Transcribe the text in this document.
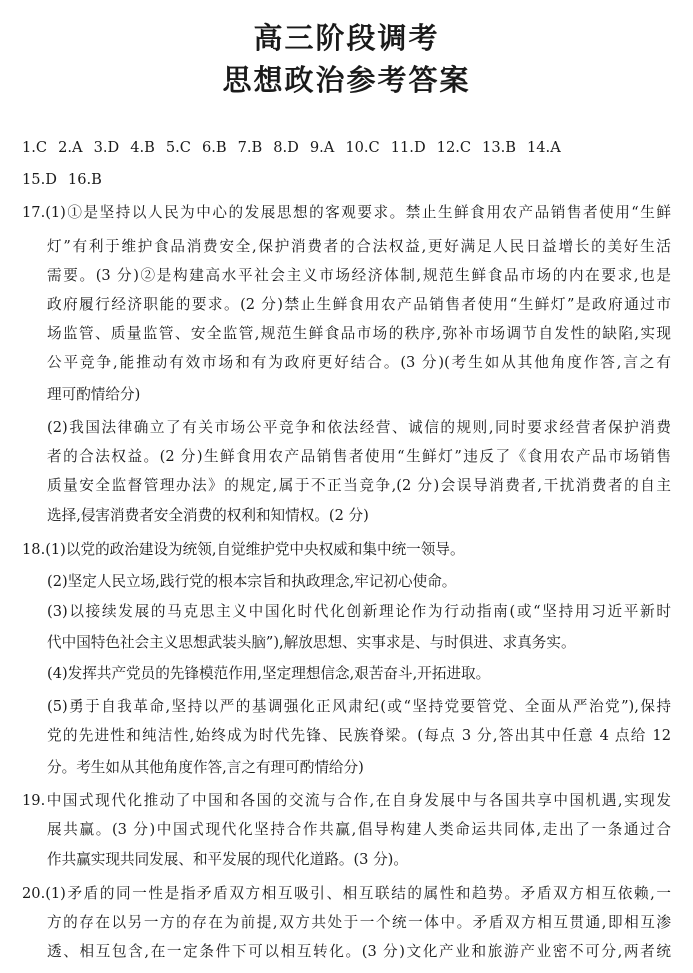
高三阶段调考
思想政治参考答案
1.C 2.A 3.D 4.B 5.C 6.B 7.B 8.D 9.A 10.C 11.D 12.C 13.B 14.A
15.D 16.B
17.(1)①是坚持以人民为中心的发展思想的客观要求。禁止生鲜食用农产品销售者使用“生鲜
灯”有利于维护食品消费安全,保护消费者的合法权益,更好满足人民日益增长的美好生活
需要。(3 分)②是构建高水平社会主义市场经济体制,规范生鲜食品市场的内在要求,也是
政府履行经济职能的要求。(2 分)禁止生鲜食用农产品销售者使用“生鲜灯”是政府通过市
场监管、质量监管、安全监管,规范生鲜食品市场的秩序,弥补市场调节自发性的缺陷,实现
公平竞争,能推动有效市场和有为政府更好结合。(3 分)(考生如从其他角度作答,言之有
理可酌情给分)
(2)我国法律确立了有关市场公平竞争和依法经营、诚信的规则,同时要求经营者保护消费
者的合法权益。(2 分)生鲜食用农产品销售者使用“生鲜灯”违反了《食用农产品市场销售
质量安全监督管理办法》的规定,属于不正当竞争,(2 分)会误导消费者,干扰消费者的自主
选择,侵害消费者安全消费的权利和知情权。(2 分)
18.(1)以党的政治建设为统领,自觉维护党中央权威和集中统一领导。
(2)坚定人民立场,践行党的根本宗旨和执政理念,牢记初心使命。
(3)以接续发展的马克思主义中国化时代化创新理论作为行动指南(或“坚持用习近平新时
代中国特色社会主义思想武装头脑”),解放思想、实事求是、与时俱进、求真务实。
(4)发挥共产党员的先锋模范作用,坚定理想信念,艰苦奋斗,开拓进取。
(5)勇于自我革命,坚持以严的基调强化正风肃纪(或“坚持党要管党、全面从严治党”),保持
党的先进性和纯洁性,始终成为时代先锋、民族脊梁。(每点 3 分,答出其中任意 4 点给 12
分。考生如从其他角度作答,言之有理可酌情给分)
19.中国式现代化推动了中国和各国的交流与合作,在自身发展中与各国共享中国机遇,实现发
展共赢。(3 分)中国式现代化坚持合作共赢,倡导构建人类命运共同体,走出了一条通过合
作共赢实现共同发展、和平发展的现代化道路。(3 分)。
20.(1)矛盾的同一性是指矛盾双方相互吸引、相互联结的属性和趋势。矛盾双方相互依赖,一
方的存在以另一方的存在为前提,双方共处于一个统一体中。矛盾双方相互贯通,即相互渗
透、相互包含,在一定条件下可以相互转化。(3 分)文化产业和旅游产业密不可分,两者统
